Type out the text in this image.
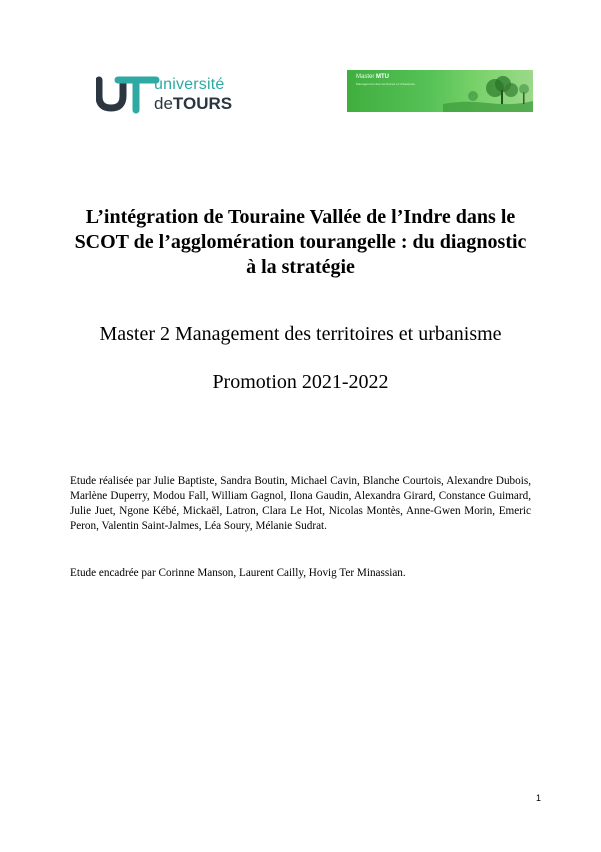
université
deTOURS
Master MTU
Management des territoires et Urbanisme
L’intégration de Touraine Vallée de l’Indre dans le
SCOT de l’agglomération tourangelle : du diagnostic
à la stratégie
Master 2 Management des territoires et urbanisme
Promotion 2021-2022
Etude réalisée par Julie Baptiste, Sandra Boutin, Michael Cavin, Blanche Courtois, Alexandre Dubois, Marlène Duperry, Modou Fall, William Gagnol, Ilona Gaudin, Alexandra Girard, Constance Guimard, Julie Juet, Ngone Kébé, Mickaël, Latron, Clara Le Hot, Nicolas Montès, Anne-Gwen Morin, Emeric Peron, Valentin Saint-Jalmes, Léa Soury, Mélanie Sudrat.
Etude encadrée par Corinne Manson, Laurent Cailly, Hovig Ter Minassian.
1
